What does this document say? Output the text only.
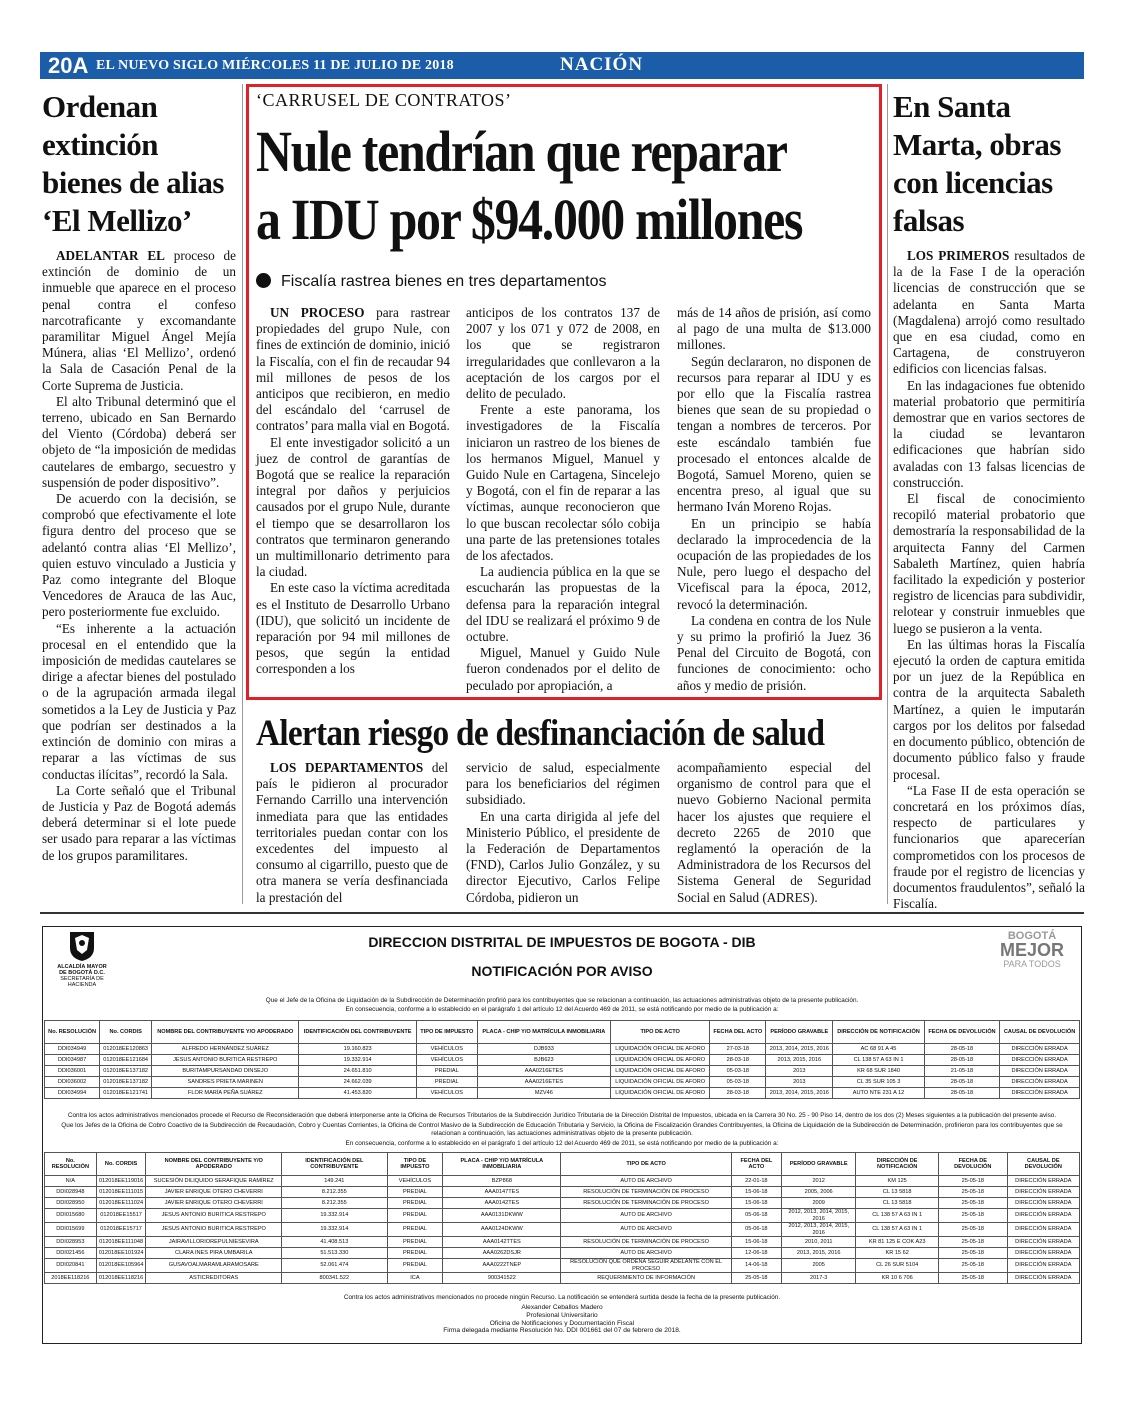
20A EL NUEVO SIGLO MIÉRCOLES 11 DE JULIO DE 2018	NACIÓN
Ordenan
extinción
bienes de alias
‘El Mellizo’

ADELANTAR EL proceso de extinción de dominio de un inmueble que aparece en el proceso penal contra el confeso narcotraficante y excomandante paramilitar Miguel Ángel Mejía Múnera, alias ‘El Mellizo’, ordenó la Sala de Casación Penal de la Corte Suprema de Justicia.

El alto Tribunal determinó que el terreno, ubicado en San Bernardo del Viento (Córdoba) deberá ser objeto de “la imposición de medidas cautelares de embargo, secuestro y suspensión de poder dispositivo”.

De acuerdo con la decisión, se comprobó que efectivamente el lote figura dentro del proceso que se adelantó contra alias ‘El Mellizo’, quien estuvo vinculado a Justicia y Paz como integrante del Bloque Vencedores de Arauca de las Auc, pero posteriormente fue excluido.

“Es inherente a la actuación procesal en el entendido que la imposición de medidas cautelares se dirige a afectar bienes del postulado o de la agrupación armada ilegal sometidos a la Ley de Justicia y Paz que podrían ser destinados a la extinción de dominio con miras a reparar a las víctimas de sus conductas ilícitas”, recordó la Sala.

La Corte señaló que el Tribunal de Justicia y Paz de Bogotá además deberá determinar si el lote puede ser usado para reparar a las víctimas de los grupos paramilitares.

‘CARRUSEL DE CONTRATOS’
Nule tendrían que reparar
a IDU por $94.000 millones
Fiscalía rastrea bienes en tres departamentos

UN PROCESO para rastrear propiedades del grupo Nule, con fines de extinción de dominio, inició la Fiscalía, con el fin de recaudar 94 mil millones de pesos de los anticipos que recibieron, en medio del escándalo del ‘carrusel de contratos’ para malla vial en Bogotá.

El ente investigador solicitó a un juez de control de garantías de Bogotá que se realice la reparación integral por daños y perjuicios causados por el grupo Nule, durante el tiempo que se desarrollaron los contratos que terminaron generando un multimillonario detrimento para la ciudad.

En este caso la víctima acreditada es el Instituto de Desarrollo Urbano (IDU), que solicitó un incidente de reparación por 94 mil millones de pesos, que según la entidad corresponden a los

anticipos de los contratos 137 de 2007 y los 071 y 072 de 2008, en los que se registraron irregularidades que conllevaron a la aceptación de los cargos por el delito de peculado.

Frente a este panorama, los investigadores de la Fiscalía iniciaron un rastreo de los bienes de los hermanos Miguel, Manuel y Guido Nule en Cartagena, Sincelejo y Bogotá, con el fin de reparar a las víctimas, aunque reconocieron que lo que buscan recolectar sólo cobija una parte de las pretensiones totales de los afectados.

La audiencia pública en la que se escucharán las propuestas de la defensa para la reparación integral del IDU se realizará el próximo 9 de octubre.

Miguel, Manuel y Guido Nule fueron condenados por el delito de peculado por apropiación, a

más de 14 años de prisión, así como al pago de una multa de $13.000 millones.

Según declararon, no disponen de recursos para reparar al IDU y es por ello que la Fiscalía rastrea bienes que sean de su propiedad o tengan a nombres de terceros. Por este escándalo también fue procesado el entonces alcalde de Bogotá, Samuel Moreno, quien se encentra preso, al igual que su hermano Iván Moreno Rojas.

En un principio se había declarado la improcedencia de la ocupación de las propiedades de los Nule, pero luego el despacho del Vicefiscal para la época, 2012, revocó la determinación.

La condena en contra de los Nule y su primo la profirió la Juez 36 Penal del Circuito de Bogotá, con funciones de conocimiento: ocho años y medio de prisión.

Alertan riesgo de desfinanciación de salud

LOS DEPARTAMENTOS del país le pidieron al procurador Fernando Carrillo una intervención inmediata para que las entidades territoriales puedan contar con los excedentes del impuesto al consumo al cigarrillo, puesto que de otra manera se vería desfinanciada la prestación del

servicio de salud, especialmente para los beneficiarios del régimen subsidiado.

En una carta dirigida al jefe del Ministerio Público, el presidente de la Federación de Departamentos (FND), Carlos Julio González, y su director Ejecutivo, Carlos Felipe Córdoba, pidieron un

acompañamiento especial del organismo de control para que el nuevo Gobierno Nacional permita hacer los ajustes que requiere el decreto 2265 de 2010 que reglamentó la operación de la Administradora de los Recursos del Sistema General de Seguridad Social en Salud (ADRES).

En Santa
Marta, obras
con licencias
falsas

LOS PRIMEROS resultados de la de la Fase I de la operación licencias de construcción que se adelanta en Santa Marta (Magdalena) arrojó como resultado que en esa ciudad, como en Cartagena, de construyeron edificios con licencias falsas.

En las indagaciones fue obtenido material probatorio que permitiría demostrar que en varios sectores de la ciudad se levantaron edificaciones que habrían sido avaladas con 13 falsas licencias de construcción.

El fiscal de conocimiento recopiló material probatorio que demostraría la responsabilidad de la arquitecta Fanny del Carmen Sabaleth Martínez, quien habría facilitado la expedición y posterior registro de licencias para subdividir, relotear y construir inmuebles que luego se pusieron a la venta.

En las últimas horas la Fiscalía ejecutó la orden de captura emitida por un juez de la República en contra de la arquitecta Sabaleth Martínez, a quien le imputarán cargos por los delitos por falsedad en documento público, obtención de documento público falso y fraude procesal.

“La Fase II de esta operación se concretará en los próximos días, respecto de particulares y funcionarios que aparecerían comprometidos con los procesos de fraude por el registro de licencias y documentos fraudulentos”, señaló la Fiscalía.

ALCALDÍA MAYOR DE BOGOTÁ D.C.
SECRETARÍA DE HACIENDA
BOGOTÁ
MEJOR
PARA TODOS
DIRECCION DISTRITAL DE IMPUESTOS DE BOGOTA - DIB
NOTIFICACIÓN POR AVISO
Que el Jefe de la Oficina de Liquidación de la Subdirección de Determinación profirió para los contribuyentes que se relacionan a continuación, las actuaciones administrativas objeto de la presente publicación.
En consecuencia, conforme a lo establecido en el parágrafo 1 del artículo 12 del Acuerdo 469 de 2011, se está notificando por medio de la publicación a:
No. RESOLUCIÓN	No. CORDIS	NOMBRE DEL CONTRIBUYENTE Y/O APODERADO	IDENTIFICACIÓN DEL CONTRIBUYENTE	TIPO DE IMPUESTO	PLACA - CHIP Y/O MATRÍCULA INMOBILIARIA	TIPO DE ACTO	FECHA DEL ACTO	PERÍODO GRAVABLE	DIRECCIÓN DE NOTIFICACIÓN	FECHA DE DEVOLUCIÓN	CAUSAL DE DEVOLUCIÓN
DDI034949	012018EE120863	ALFREDO HERNÁNDEZ SUÁREZ	19.160.823	VEHÍCULOS	DJB933	LIQUIDACIÓN OFICIAL DE AFORO	27-03-18	2013, 2014, 2015, 2016	AC 68 91 A 45	28-05-18	DIRECCIÓN ERRADA
DDI034987	012018EE121684	JESUS ANTONIO BURITICA RESTREPO	19.332.914	VEHÍCULOS	BJB623	LIQUIDACIÓN OFICIAL DE AFORO	28-03-18	2013, 2015, 2016	CL 138 57 A 63 IN 1	28-05-18	DIRECCIÓN ERRADA
DDI036001	012018EE137182	BURITAMPURSANDAD DINSEJO	24.651.810	PREDIAL	AAA0216ETES	LIQUIDACIÓN OFICIAL DE AFORO	05-03-18	2013	KR 68 SUR 1840	21-05-18	DIRECCIÓN ERRADA
DDI036002	012018EE137182	SANDRES PRIETA MARINEN	24.662.039	PREDIAL	AAA0216ETES	LIQUIDACIÓN OFICIAL DE AFORO	05-03-18	2013	CL 35 SUR 105 3	28-05-18	DIRECCIÓN ERRADA
DDI034994	012018EE121741	FLOR MARÍA PEÑA SUÁREZ	41.453.820	VEHÍCULOS	MZV46	LIQUIDACIÓN OFICIAL DE AFORO	28-03-18	2013, 2014, 2015, 2016	AUTO NTE 231 A 12	28-05-18	DIRECCIÓN ERRADA
Contra los actos administrativos mencionados procede el Recurso de Reconsideración que deberá interponerse ante la Oficina de Recursos Tributarios de la Subdirección Jurídico Tributaria de la Dirección Distrital de Impuestos, ubicada en la Carrera 30 No. 25 - 90 Piso 14, dentro de los dos (2) Meses siguientes a la publicación del presente aviso.
Que los Jefes de la Oficina de Cobro Coactivo de la Subdirección de Recaudación, Cobro y Cuentas Corrientes, la Oficina de Control Masivo de la Subdirección de Educación Tributaria y Servicio, la Oficina de Fiscalización Grandes Contribuyentes, la Oficina de Liquidación de la Subdirección de Determinación, profirieron para los contribuyentes que se relacionan a continuación, las actuaciones administrativas objeto de la presente publicación.
En consecuencia, conforme a lo establecido en el parágrafo 1 del artículo 12 del Acuerdo 469 de 2011, se está notificando por medio de la publicación a:
No. RESOLUCIÓN	No. CORDIS	NOMBRE DEL CONTRIBUYENTE Y/O APODERADO	IDENTIFICACIÓN DEL CONTRIBUYENTE	TIPO DE IMPUESTO	PLACA - CHIP Y/O MATRÍCULA INMOBILIARIA	TIPO DE ACTO	FECHA DEL ACTO	PERÍODO GRAVABLE	DIRECCIÓN DE NOTIFICACIÓN	FECHA DE DEVOLUCIÓN	CAUSAL DE DEVOLUCIÓN
N/A	012018EE119016	SUCESIÓN DILIQUIDO SERAFIQUE RAMÍREZ	149.241	VEHÍCULOS	BZP868	AUTO DE ARCHIVO	22-01-18	2012	KM 125	25-05-18	DIRECCIÓN ERRADA
DDI028948	012018EE111015	JAVIER ENRIQUE OTERO CHEVERRI	8.212.355	PREDIAL	AAA0147TES	RESOLUCIÓN DE TERMINACIÓN DE PROCESO	15-06-18	2005, 2006	CL 13 5818	25-05-18	DIRECCIÓN ERRADA
DDI028950	012018EE111024	JAVIER ENRIQUE OTERO CHEVERRI	8.212.355	PREDIAL	AAA0142TES	RESOLUCIÓN DE TERMINACIÓN DE PROCESO	15-06-18	2009	CL 13 5818	25-05-18	DIRECCIÓN ERRADA
DDI015680	012018EE15517	JESUS ANTONIO BURITICA RESTREPO	19.332.914	PREDIAL	AAA0131DKWW	AUTO DE ARCHIVO	05-06-18	2012, 2013, 2014, 2015, 2016	CL 138 57 A 63 IN 1	25-05-18	DIRECCIÓN ERRADA
DDI015699	012018EE15717	JESUS ANTONIO BURITICA RESTREPO	19.332.914	PREDIAL	AAA0124DKWW	AUTO DE ARCHIVO	05-06-18	2012, 2013, 2014, 2015, 2016	CL 138 57 A 63 IN 1	25-05-18	DIRECCIÓN ERRADA
DDI028953	012018EE111048	JAIRAVILLORIOREPULNIESEVIRA	41.408.513	PREDIAL	AAA0142TTES	RESOLUCIÓN DE TERMINACIÓN DE PROCESO	15-06-18	2010, 2011	KR 81 125 E COK A23	25-05-18	DIRECCIÓN ERRADA
DDI021456	012018EE101924	CLARA INES PIRA UMBARILA	51.513.330	PREDIAL	AAA0262DSJR	AUTO DE ARCHIVO	12-06-18	2013, 2015, 2016	KR 15 62	25-05-18	DIRECCIÓN ERRADA
DDI020841	012018EE105964	GUSAVOALMARAMLARAMOSARE	52.061.474	PREDIAL	AAA0222TNEP	RESOLUCIÓN QUE ORDENA SEGUIR ADELANTE CON EL PROCESO	14-06-18	2005	CL 26 SUR 5104	25-05-18	DIRECCIÓN ERRADA
2018EE118216	012018EE118216	ASTICREDITORAS	800341.522	ICA	900341522	REQUERIMIENTO DE INFORMACIÓN	25-05-18	2017-3	KR 10 6 706	25-05-18	DIRECCIÓN ERRADA
Contra los actos administrativos mencionados no procede ningún Recurso. La notificación se entenderá surtida desde la fecha de la presente publicación.
Alexander Ceballos Madero
Profesional Universitario
Oficina de Notificaciones y Documentación Fiscal
Firma delegada mediante Resolución No. DDI 001661 del 07 de febrero de 2018.
